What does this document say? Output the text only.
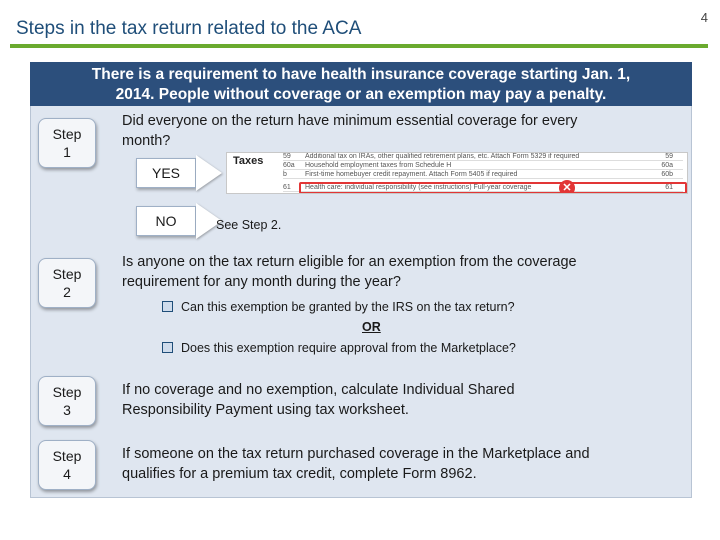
Steps in the tax return related to the ACA
4
There is a requirement to have health insurance coverage starting Jan. 1,
2014. People without coverage or an exemption may pay a penalty.
Step
1
Did everyone on the return have minimum essential coverage for every
month?
YES
Taxes	59 Additional tax on IRAs, other qualified retirement plans, etc. Attach Form 5329 if required	59
60a Household employment taxes from Schedule H	60a
b	First-time homebuyer credit repayment. Attach Form 5405 if required	60b
61 Health care: individual responsibility (see instructions) Full-year coverage	61
✕
NO	See Step 2.
Step
2
Is anyone on the tax return eligible for an exemption from the coverage
requirement for any month during the year?
Can this exemption be granted by the IRS on the tax return?
OR
Does this exemption require approval from the Marketplace?
Step
3
If no coverage and no exemption, calculate Individual Shared
Responsibility Payment using tax worksheet.
Step
4
If someone on the tax return purchased coverage in the Marketplace and
qualifies for a premium tax credit, complete Form 8962.
